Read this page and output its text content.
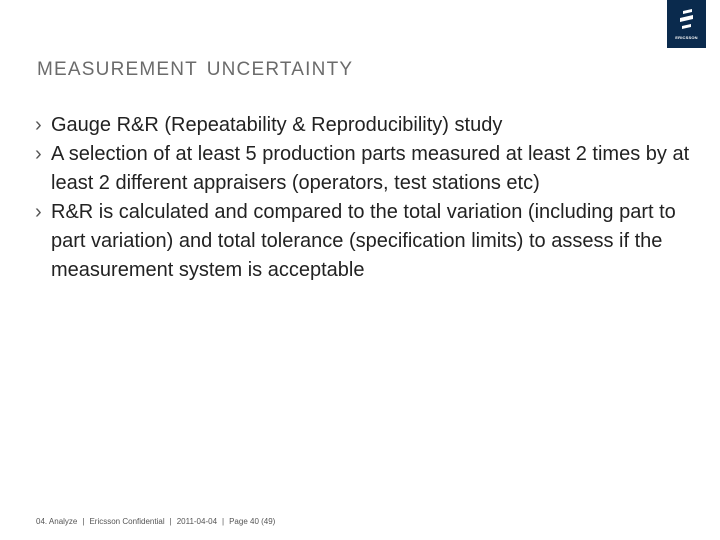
ERICSSON
measurement uncertainty
› Gauge R&R (Repeatability & Reproducibility) study
› A selection of at least 5 production parts measured at least 2 times by at least 2 different appraisers (operators, test stations etc)
› R&R is calculated and compared to the total variation (including part to part variation) and total tolerance (specification limits) to assess if the measurement system is acceptable
04. Analyze | Ericsson Confidential | 2011-04-04 | Page 40 (49)
